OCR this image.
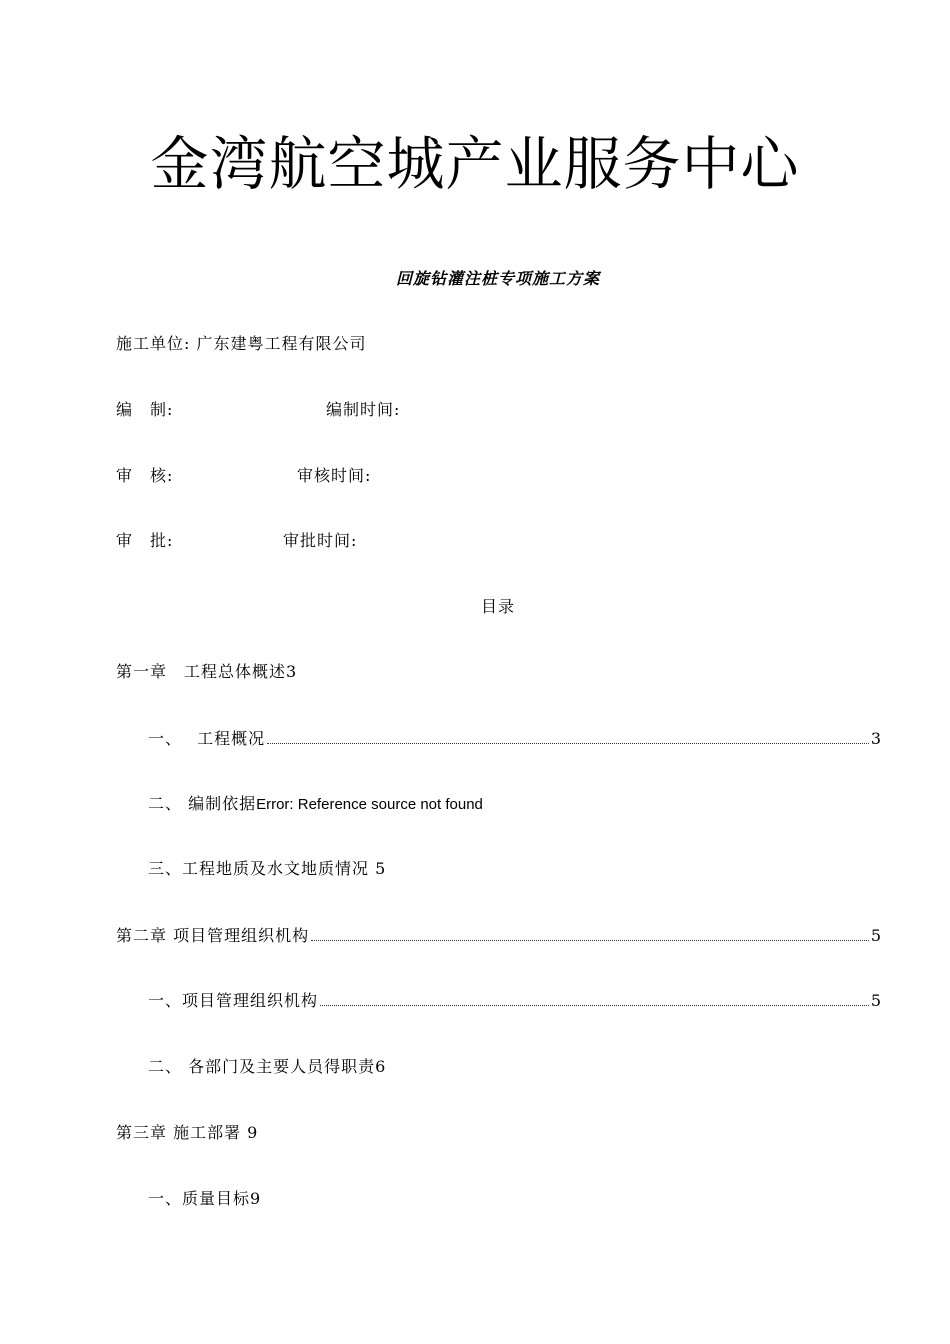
金湾航空城产业服务中心
回旋钻灌注桩专项施工方案
施工单位: 广东建粤工程有限公司
编　制:	编制时间:
审　核:	审核时间:
审　批:	审批时间:
目录
第一章　工程总体概述3
一、　 工程概况	3
二、 编制依据Error: Reference source not found
三、工程地质及水文地质情况 5
第二章 项目管理组织机构	5
一、项目管理组织机构	5
二、 各部门及主要人员得职责6
第三章 施工部署 9
一、质量目标9
